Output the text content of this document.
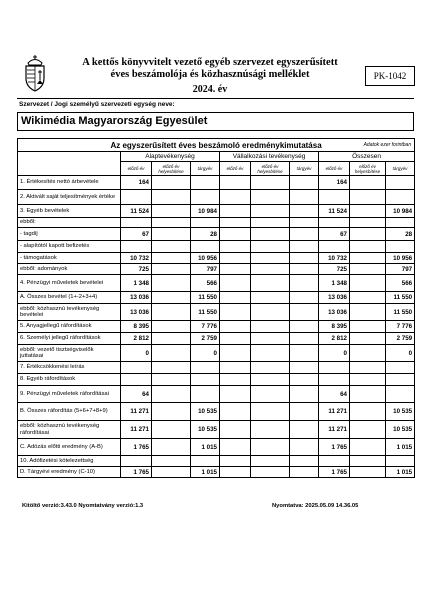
A kettős könyvvitelt vezető egyéb szervezet egyszerűsített
éves beszámolója és közhasznúsági melléklet
2024. év
PK-1042
Szervezet / Jogi személyű szervezeti egység neve:
Wikimédia Magyarország Egyesület
Az egyszerűsített éves beszámoló eredménykimutatása Adatok ezer forintban									

	Alaptevékenység			Vállalkozási tevékenység			Összesen		
	előző év	előző év helyesbítése	tárgyév	előző év	előző év helyesbítése	tárgyév	előző év	előző év helyesbítése	tárgyév
1. Értékesítés nettó árbevétele	164						164		
2. Aktivált saját teljesítmények értéke									
3. Egyéb bevételek	11 524		10 984				11 524		10 984
ebből:									
- tagdíj	67		28				67		28
- alapítótól kapott befizetés									
- támogatások	10 732		10 956				10 732		10 956
ebből: adományok	725		797				725		797
4. Pénzügyi műveletek bevételei	1 348		566				1 348		566
A. Összes bevétel (1+-2+3+4)	13 036		11 550				13 036		11 550
ebből: közhasznú tevékenység bevételei	13 036		11 550				13 036		11 550
5. Anyagjellegű ráfordítások	8 395		7 776				8 395		7 776
6. Személyi jellegű ráfordítások	2 812		2 759				2 812		2 759
ebből: vezető tisztségviselők juttatásai	0		0				0		0
7. Értékcsökkenési leírás									
8. Egyéb ráfordítások									
9. Pénzügyi műveletek ráfordításai	64						64		
B. Összes ráfordítás (5+6+7+8+9)	11 271		10 535				11 271		10 535
ebből: közhasznú tevékenység ráfordításai	11 271		10 535				11 271		10 535
C. Adózás előtti eredmény (A-B)	1 765		1 015				1 765		1 015
10. Adófizetési kötelezettség									
D. Tárgyévi eredmény (C-10)	1 765		1 015				1 765		1 015
Kitöltő verzió:3.43.0 Nyomtatvány verzió:1.3	Nyomtatva: 2025.05.09 14.36.05
